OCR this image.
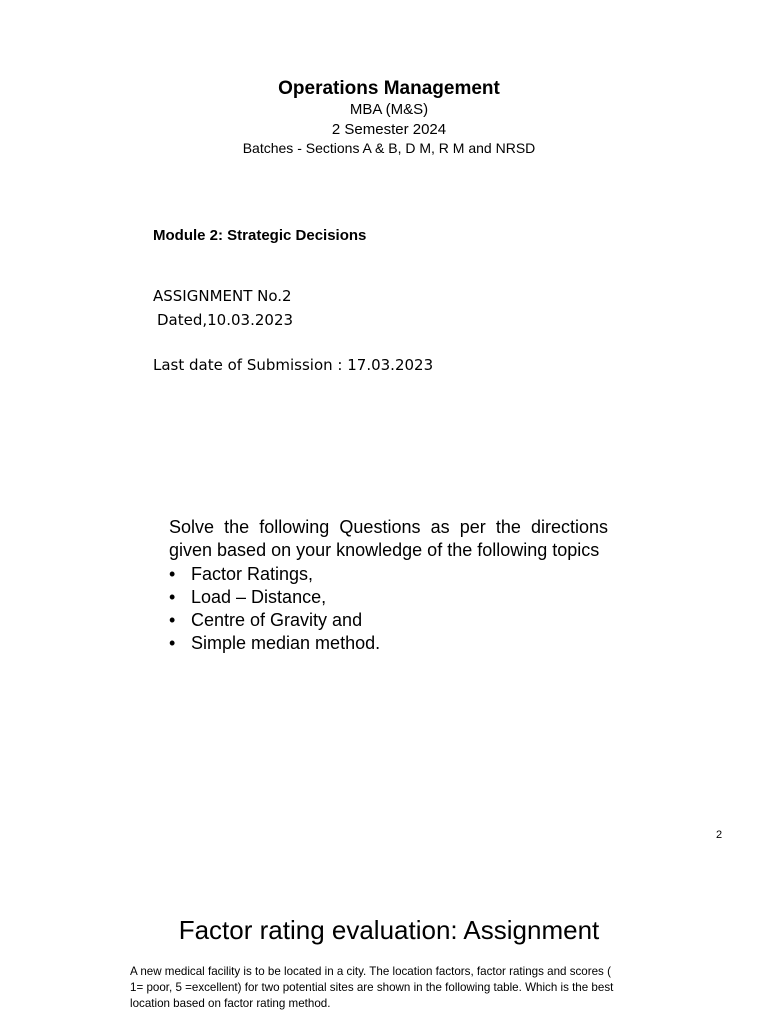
Operations Management
MBA (M&S)
2 Semester 2024
Batches - Sections A & B, D M, R M and NRSD
Module 2: Strategic Decisions
ASSIGNMENT No.2
Dated,10.03.2023
Last date of Submission : 17.03.2023

Solve the following Questions as per the directions given based on your knowledge of the following topics

• Factor Ratings,
• Load – Distance,
• Centre of Gravity and
• Simple median method.
2
Factor rating evaluation: Assignment
A new medical facility is to be located in a city. The location factors, factor ratings and scores ( 1= poor, 5 =excellent) for two potential sites are shown in the following table. Which is the best location based on factor rating method.
